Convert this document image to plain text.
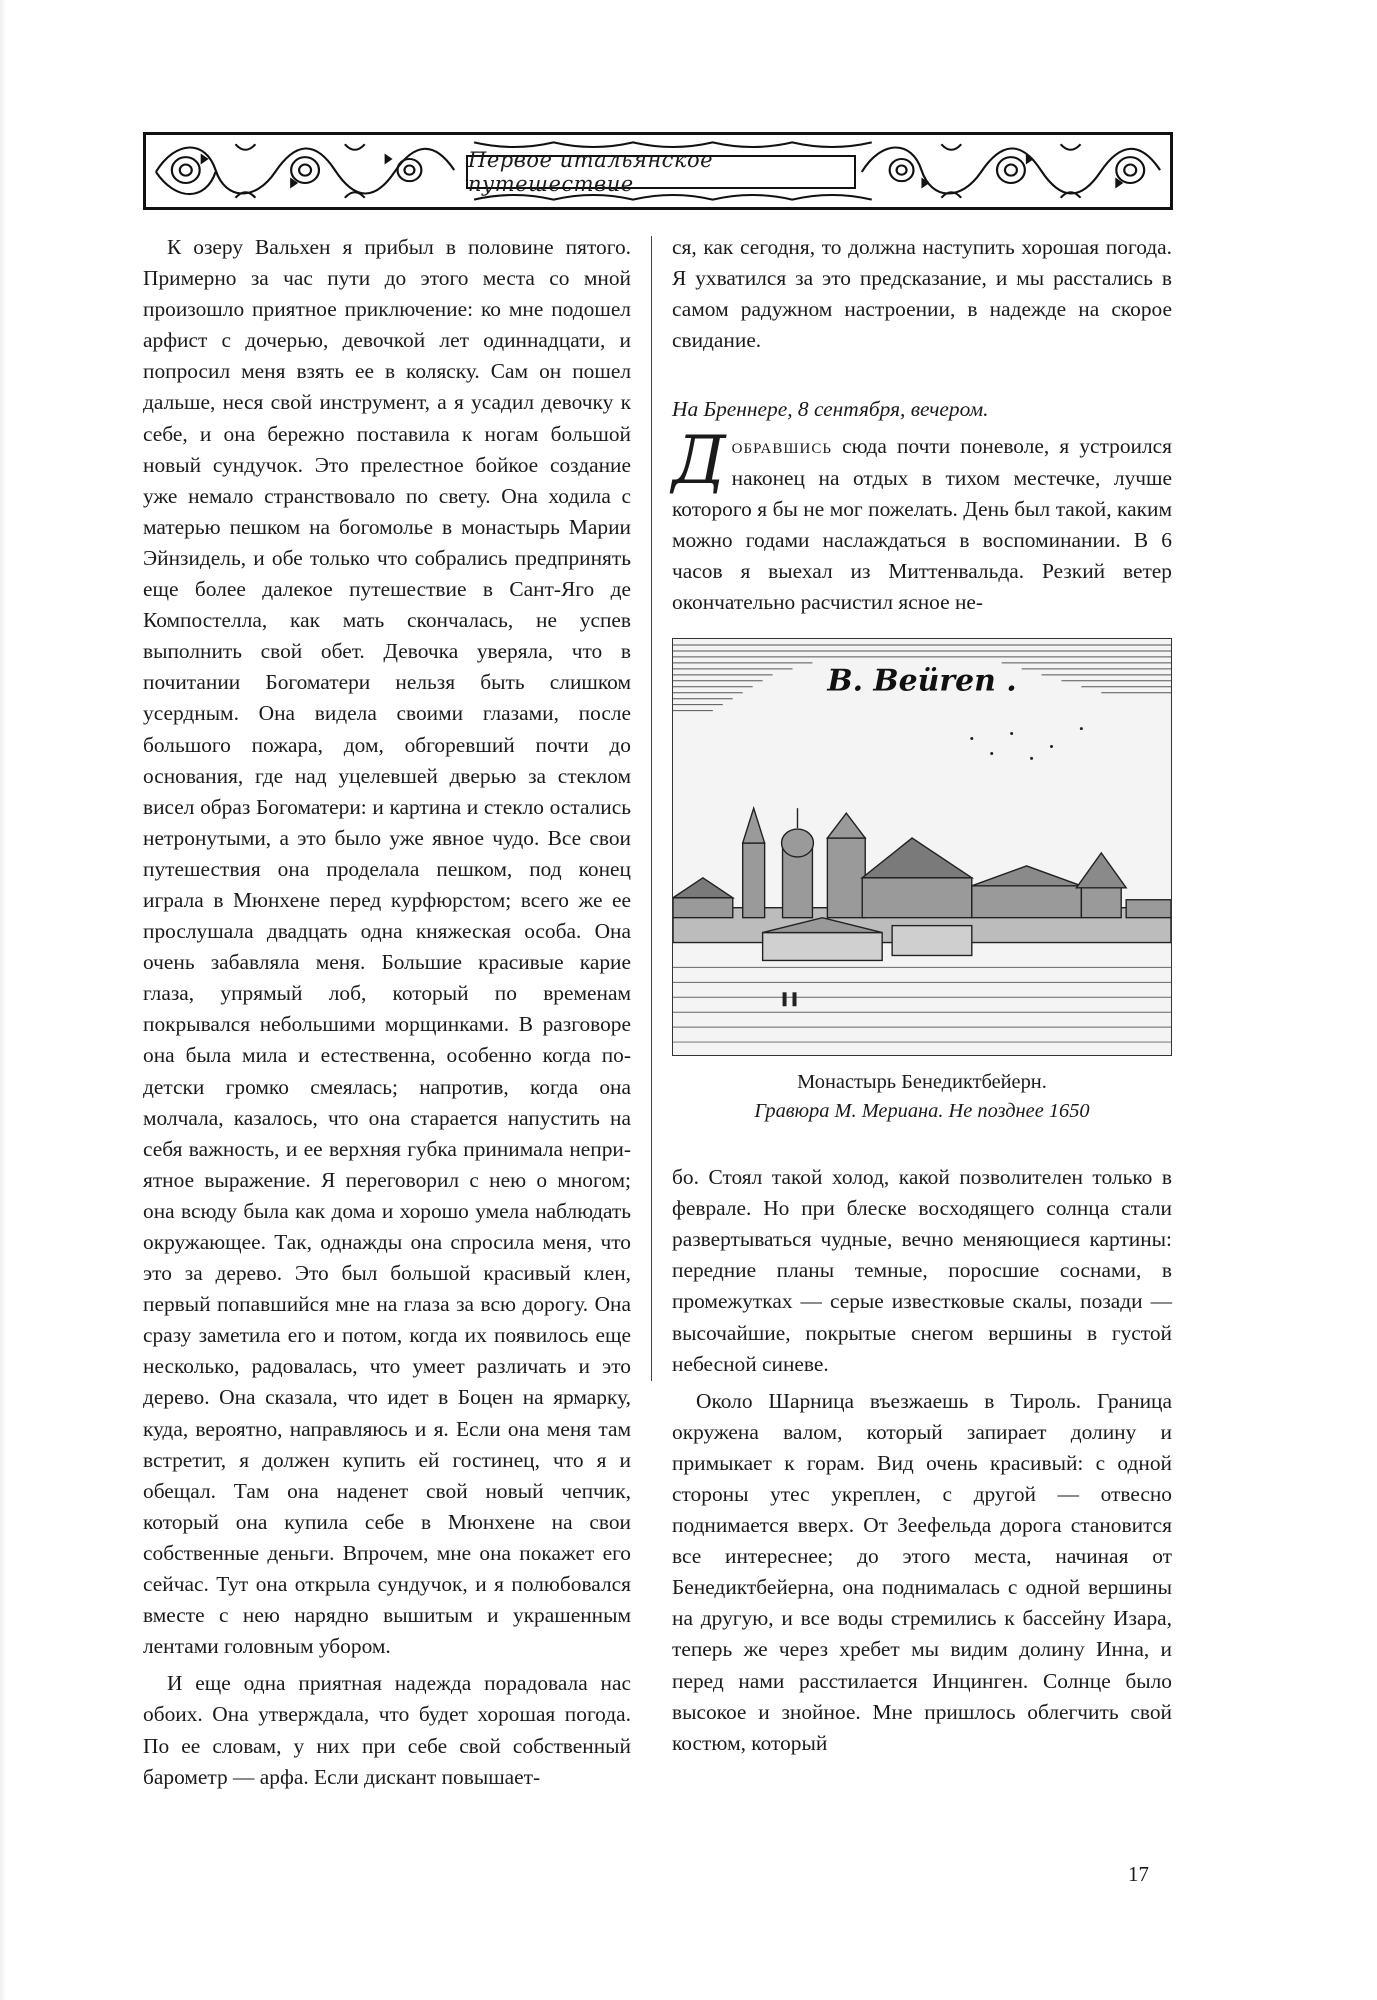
Первое итальянское путешествие

К озеру Вальхен я прибыл в половине пятого. Примерно за час пути до этого места со мной произошло приятное приключение: ко мне подошел арфист с дочерью, девочкой лет одиннадцати, и попросил меня взять ее в коляску. Сам он пошел дальше, неся свой инструмент, а я усадил девочку к себе, и она бережно поставила к ногам большой новый сундучок. Это прелестное бойкое создание уже немало странствовало по свету. Она ходила с матерью пешком на богомолье в монастырь Марии Эйнзидель, и обе только что собрались предпринять еще более далекое путешествие в Сант-Яго де Компостелла, как мать скончалась, не успев выполнить свой обет. Девочка уверяла, что в почитании Богоматери нельзя быть слишком усердным. Она видела своими глазами, после большого пожара, дом, обгоревший почти до основания, где над уцелевшей дверью за стеклом висел образ Богоматери: и картина и стекло остались нетронутыми, а это было уже явное чудо. Все свои путешествия она проделала пешком, под конец играла в Мюнхене перед курфюрстом; всего же ее прослушала двадцать одна княжеская особа. Она очень забавляла меня. Большие красивые карие глаза, упрямый лоб, который по временам покрывался небольшими морщинками. В разговоре она была мила и естественна, особенно когда по-детски громко смеялась; напротив, когда она молчала, казалось, что она старается напустить на себя важность, и ее верхняя губка принимала неприятное выражение. Я переговорил с нею о многом; она всюду была как дома и хорошо умела наблюдать окружающее. Так, однажды она спросила меня, что это за дерево. Это был большой красивый клен, первый попавшийся мне на глаза за всю дорогу. Она сразу заметила его и потом, когда их появилось еще несколько, радовалась, что умеет различать и это дерево. Она сказала, что идет в Боцен на ярмарку, куда, вероятно, направляюсь и я. Если она меня там встретит, я должен купить ей гостинец, что я и обещал. Там она наденет свой новый чепчик, который она купила себе в Мюнхене на свои собственные деньги. Впрочем, мне она покажет его сейчас. Тут она открыла сундучок, и я полюбовался вместе с нею нарядно вышитым и украшенным лентами головным убором.

И еще одна приятная надежда порадовала нас обоих. Она утверждала, что будет хорошая погода. По ее словам, у них при себе свой собственный барометр — арфа. Если дискант повышает-

ся, как сегодня, то должна наступить хорошая погода. Я ухватился за это предсказание, и мы расстались в самом радужном настроении, в надежде на скорое свидание.

На Бреннере, 8 сентября, вечером.

Добравшись сюда почти поневоле, я устроился наконец на отдых в тихом местечке, лучше которого я бы не мог пожелать. День был такой, каким можно годами наслаждаться в воспоминании. В 6 часов я выехал из Миттенвальда. Резкий ветер окончательно расчистил ясное не-

B. Beüren .
Монастырь Бенедиктбейерн.
Гравюра М. Мериана. Не позднее 1650

бо. Стоял такой холод, какой позволителен только в феврале. Но при блеске восходящего солнца стали развертываться чудные, вечно меняющиеся картины: передние планы темные, поросшие соснами, в промежутках — серые известковые скалы, позади — высочайшие, покрытые снегом вершины в густой небесной синеве.

Около Шарница въезжаешь в Тироль. Граница окружена валом, который запирает долину и примыкает к горам. Вид очень красивый: с одной стороны утес укреплен, с другой — отвесно поднимается вверх. От Зеефельда дорога становится все интереснее; до этого места, начиная от Бенедиктбейерна, она поднималась с одной вершины на другую, и все воды стремились к бассейну Изара, теперь же через хребет мы видим долину Инна, и перед нами расстилается Инцинген. Солнце было высокое и знойное. Мне пришлось облегчить свой костюм, который

17
